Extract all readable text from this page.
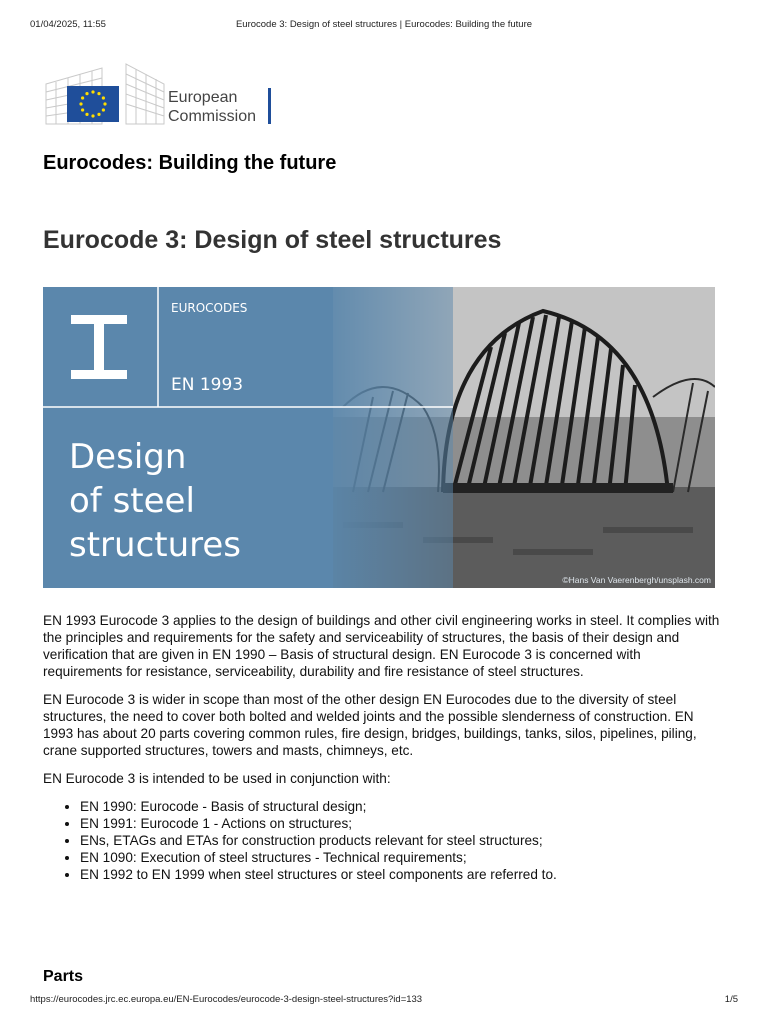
01/04/2025, 11:55	Eurocode 3: Design of steel structures | Eurocodes: Building the future
European
Commission
Eurocodes: Building the future
Eurocode 3: Design of steel structures
EUROCODES
EN 1993
Design
of steel
structures
©Hans Van Vaerenbergh/unsplash.com

EN 1993 Eurocode 3 applies to the design of buildings and other civil engineering works in steel. It complies with the principles and requirements for the safety and serviceability of structures, the basis of their design and verification that are given in EN 1990 – Basis of structural design. EN Eurocode 3 is concerned with requirements for resistance, serviceability, durability and fire resistance of steel structures.

EN Eurocode 3 is wider in scope than most of the other design EN Eurocodes due to the diversity of steel structures, the need to cover both bolted and welded joints and the possible slenderness of construction. EN 1993 has about 20 parts covering common rules, fire design, bridges, buildings, tanks, silos, pipelines, piling, crane supported structures, towers and masts, chimneys, etc.

EN Eurocode 3 is intended to be used in conjunction with:

• EN 1990: Eurocode - Basis of structural design;
• EN 1991: Eurocode 1 - Actions on structures;
• ENs, ETAGs and ETAs for construction products relevant for steel structures;
• EN 1090: Execution of steel structures - Technical requirements;
• EN 1992 to EN 1999 when steel structures or steel components are referred to.
Parts
https://eurocodes.jrc.ec.europa.eu/EN-Eurocodes/eurocode-3-design-steel-structures?id=133	1/5
